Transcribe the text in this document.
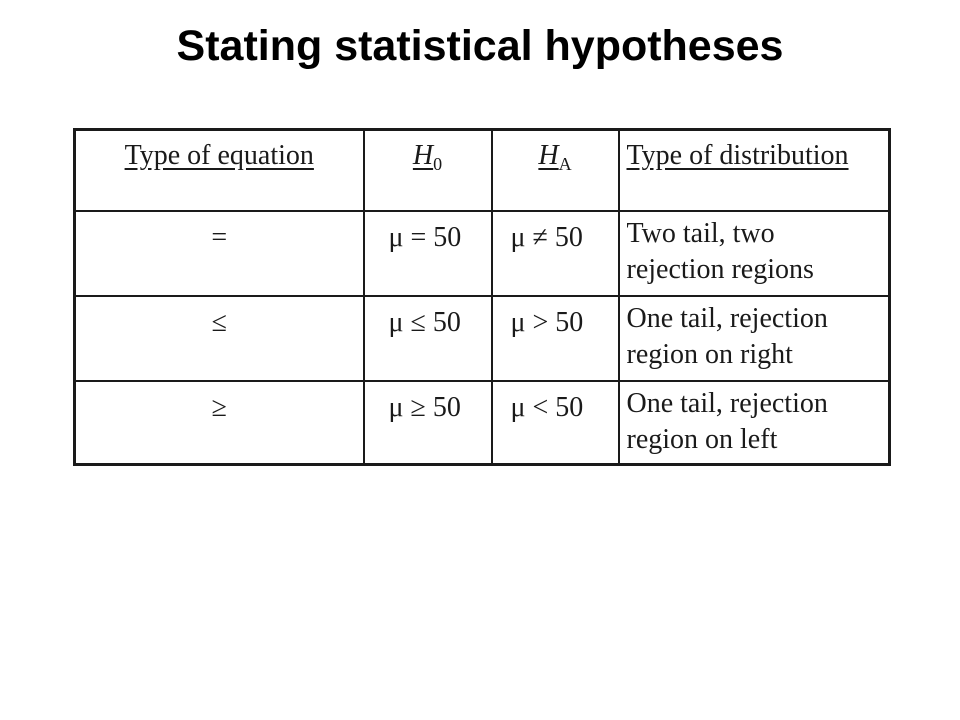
Stating statistical hypotheses
Type of equation	$H_0$	$H_A$	Type of distribution

=	μ = 50	μ ≠ 50	Two tail, two
rejection regions

≤	μ ≤ 50	μ > 50	One tail, rejection
region on right

≥	μ ≥ 50	μ < 50	One tail, rejection
region on left
